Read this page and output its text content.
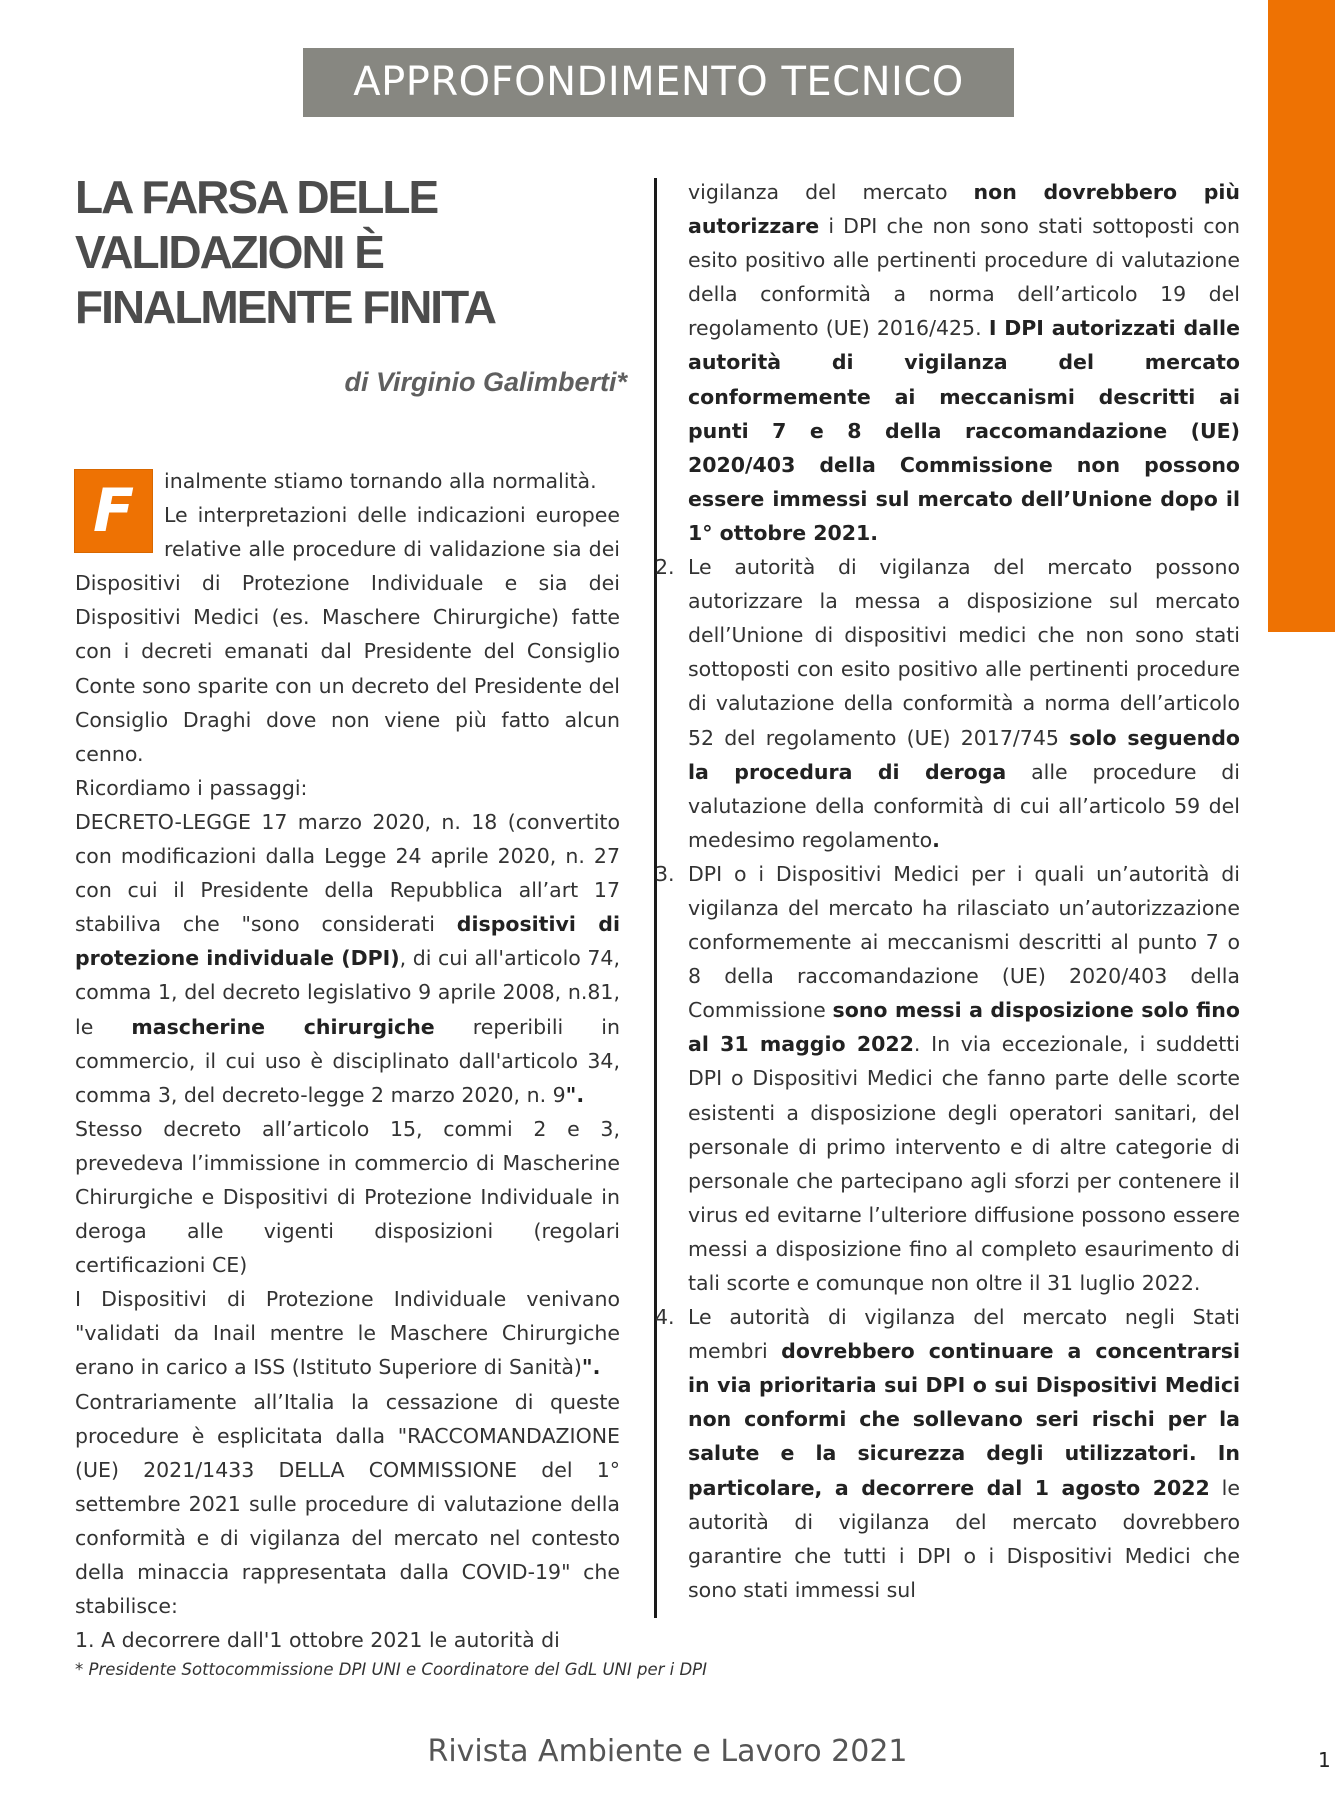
APPROFONDIMENTO TECNICO
LA FARSA DELLE
VALIDAZIONI È
FINALMENTE FINITA
di Virginio Galimberti*
F	inalmente stiamo tornando alla normalità.
Le interpretazioni delle indicazioni europee relative alle procedure di validazione sia dei Dispositivi di Protezione Individuale e sia dei Dispositivi Medici (es. Maschere Chirurgiche) fatte con i decreti emanati dal Presidente del Consiglio Conte sono sparite con un decreto del Presidente del Consiglio Draghi dove non viene più fatto alcun cenno.

Ricordiamo i passaggi:

DECRETO-LEGGE 17 marzo 2020, n. 18 (convertito con modificazioni dalla Legge 24 aprile 2020, n. 27 con cui il Presidente della Repubblica all’art 17 stabiliva che "sono considerati dispositivi di protezione individuale (DPI), di cui all'articolo 74, comma 1, del decreto legislativo 9 aprile 2008, n.81, le mascherine chirurgiche reperibili in commercio, il cui uso è disciplinato dall'articolo 34, comma 3, del decreto-legge 2 marzo 2020, n. 9".

Stesso decreto all’articolo 15, commi 2 e 3, prevedeva l’immissione in commercio di Mascherine Chirurgiche e Dispositivi di Protezione Individuale in deroga alle vigenti disposizioni (regolari certificazioni CE)

I Dispositivi di Protezione Individuale venivano "validati da Inail mentre le Maschere Chirurgiche erano in carico a ISS (Istituto Superiore di Sanità)".

Contrariamente all’Italia la cessazione di queste procedure è esplicitata dalla "RACCOMANDAZIONE (UE) 2021/1433 DELLA COMMISSIONE del 1° settembre 2021 sulle procedure di valutazione della conformità e di vigilanza del mercato nel contesto della minaccia rappresentata dalla COVID-19" che stabilisce:

1. A decorrere dall'1 ottobre 2021 le autorità di

vigilanza del mercato non dovrebbero più autorizzare i DPI che non sono stati sottoposti con esito positivo alle pertinenti procedure di valutazione della conformità a norma dell’articolo 19 del regolamento (UE) 2016/425. I DPI autorizzati dalle autorità di vigilanza del mercato conformemente ai meccanismi descritti ai punti 7 e 8 della raccomandazione (UE) 2020/403 della Commissione non possono essere immessi sul mercato dell’Unione dopo il 1° ottobre 2021.

2. Le autorità di vigilanza del mercato possono autorizzare la messa a disposizione sul mercato dell’Unione di dispositivi medici che non sono stati sottoposti con esito positivo alle pertinenti procedure di valutazione della conformità a norma dell’articolo 52 del regolamento (UE) 2017/745 solo seguendo la procedura di deroga alle procedure di valutazione della conformità di cui all’articolo 59 del medesimo regolamento.

3. DPI o i Dispositivi Medici per i quali un’autorità di vigilanza del mercato ha rilasciato un’autorizzazione conformemente ai meccanismi descritti al punto 7 o 8 della raccomandazione (UE) 2020/403 della Commissione sono messi a disposizione solo fino al 31 maggio 2022. In via eccezionale, i suddetti DPI o Dispositivi Medici che fanno parte delle scorte esistenti a disposizione degli operatori sanitari, del personale di primo intervento e di altre categorie di personale che partecipano agli sforzi per contenere il virus ed evitarne l’ulteriore diffusione possono essere messi a disposizione fino al completo esaurimento di tali scorte e comunque non oltre il 31 luglio 2022.

4. Le autorità di vigilanza del mercato negli Stati membri dovrebbero continuare a concentrarsi in via prioritaria sui DPI o sui Dispositivi Medici non conformi che sollevano seri rischi per la salute e la sicurezza degli utilizzatori. In particolare, a decorrere dal 1 agosto 2022 le autorità di vigilanza del mercato dovrebbero garantire che tutti i DPI o i Dispositivi Medici che sono stati immessi sul

* Presidente Sottocommissione DPI UNI e Coordinatore del GdL UNI per i DPI
Rivista Ambiente e Lavoro 2021	1
